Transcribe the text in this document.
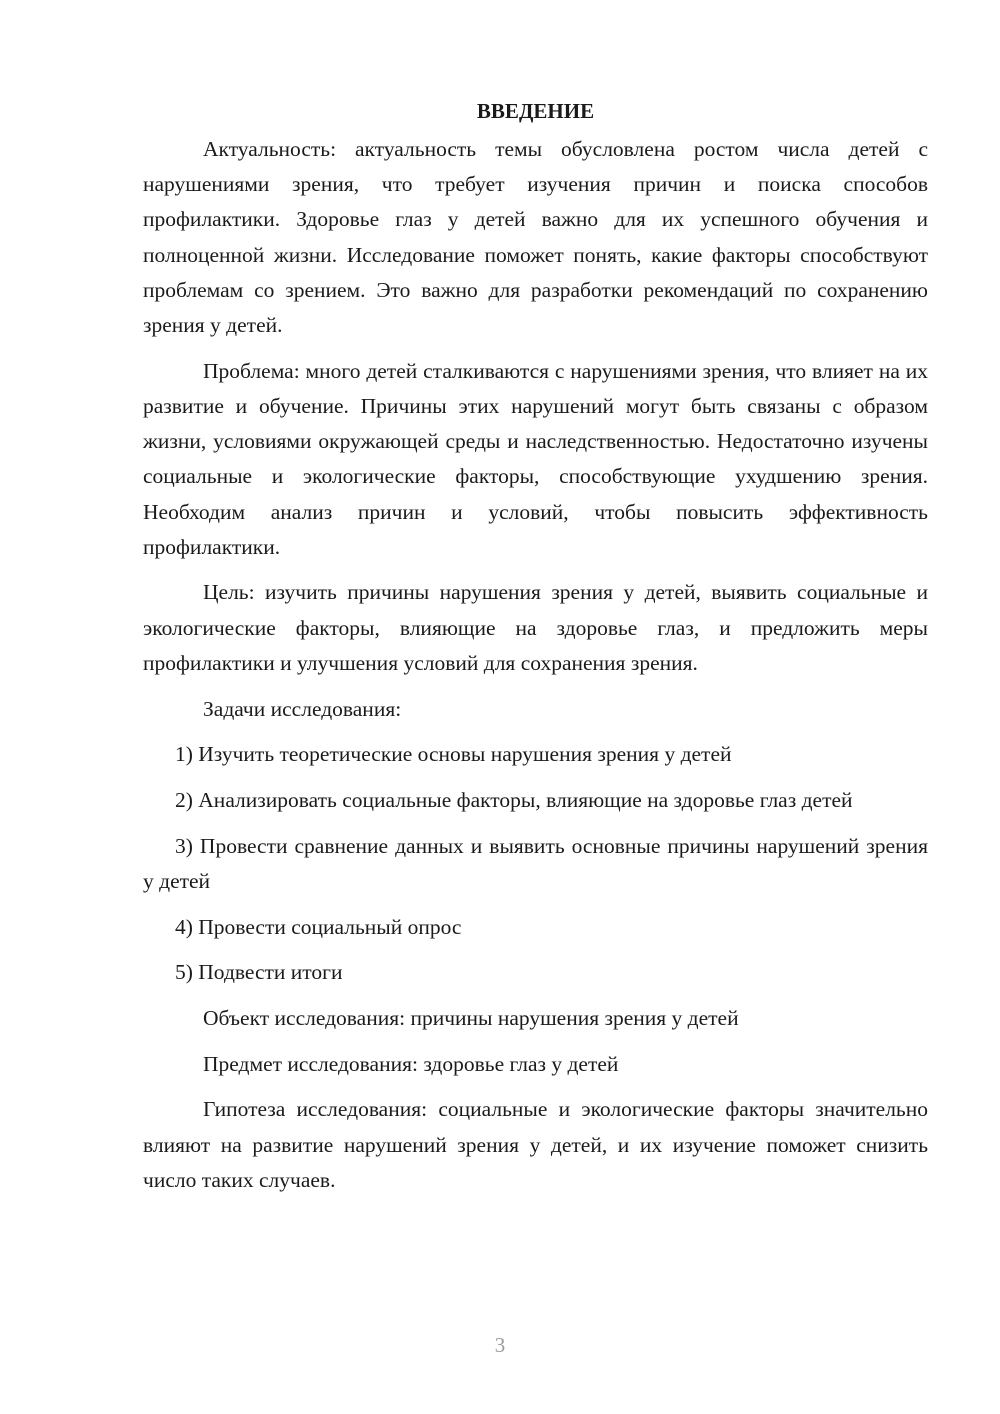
ВВЕДЕНИЕ

Актуальность: актуальность темы обусловлена ростом числа детей с нарушениями зрения, что требует изучения причин и поиска способов профилактики. Здоровье глаз у детей важно для их успешного обучения и полноценной жизни. Исследование поможет понять, какие факторы способствуют проблемам со зрением. Это важно для разработки рекомендаций по сохранению зрения у детей.

Проблема: много детей сталкиваются с нарушениями зрения, что влияет на их развитие и обучение. Причины этих нарушений могут быть связаны с образом жизни, условиями окружающей среды и наследственностью. Недостаточно изучены социальные и экологические факторы, способствующие ухудшению зрения. Необходим анализ причин и условий, чтобы повысить эффективность профилактики.

Цель: изучить причины нарушения зрения у детей, выявить социальные и экологические факторы, влияющие на здоровье глаз, и предложить меры профилактики и улучшения условий для сохранения зрения.

Задачи исследования:

1) Изучить теоретические основы нарушения зрения у детей

2) Анализировать социальные факторы, влияющие на здоровье глаз детей

3) Провести сравнение данных и выявить основные причины нарушений зрения у детей

4) Провести социальный опрос

5) Подвести итоги

Объект исследования: причины нарушения зрения у детей

Предмет исследования: здоровье глаз у детей

Гипотеза исследования: социальные и экологические факторы значительно влияют на развитие нарушений зрения у детей, и их изучение поможет снизить число таких случаев.

3
